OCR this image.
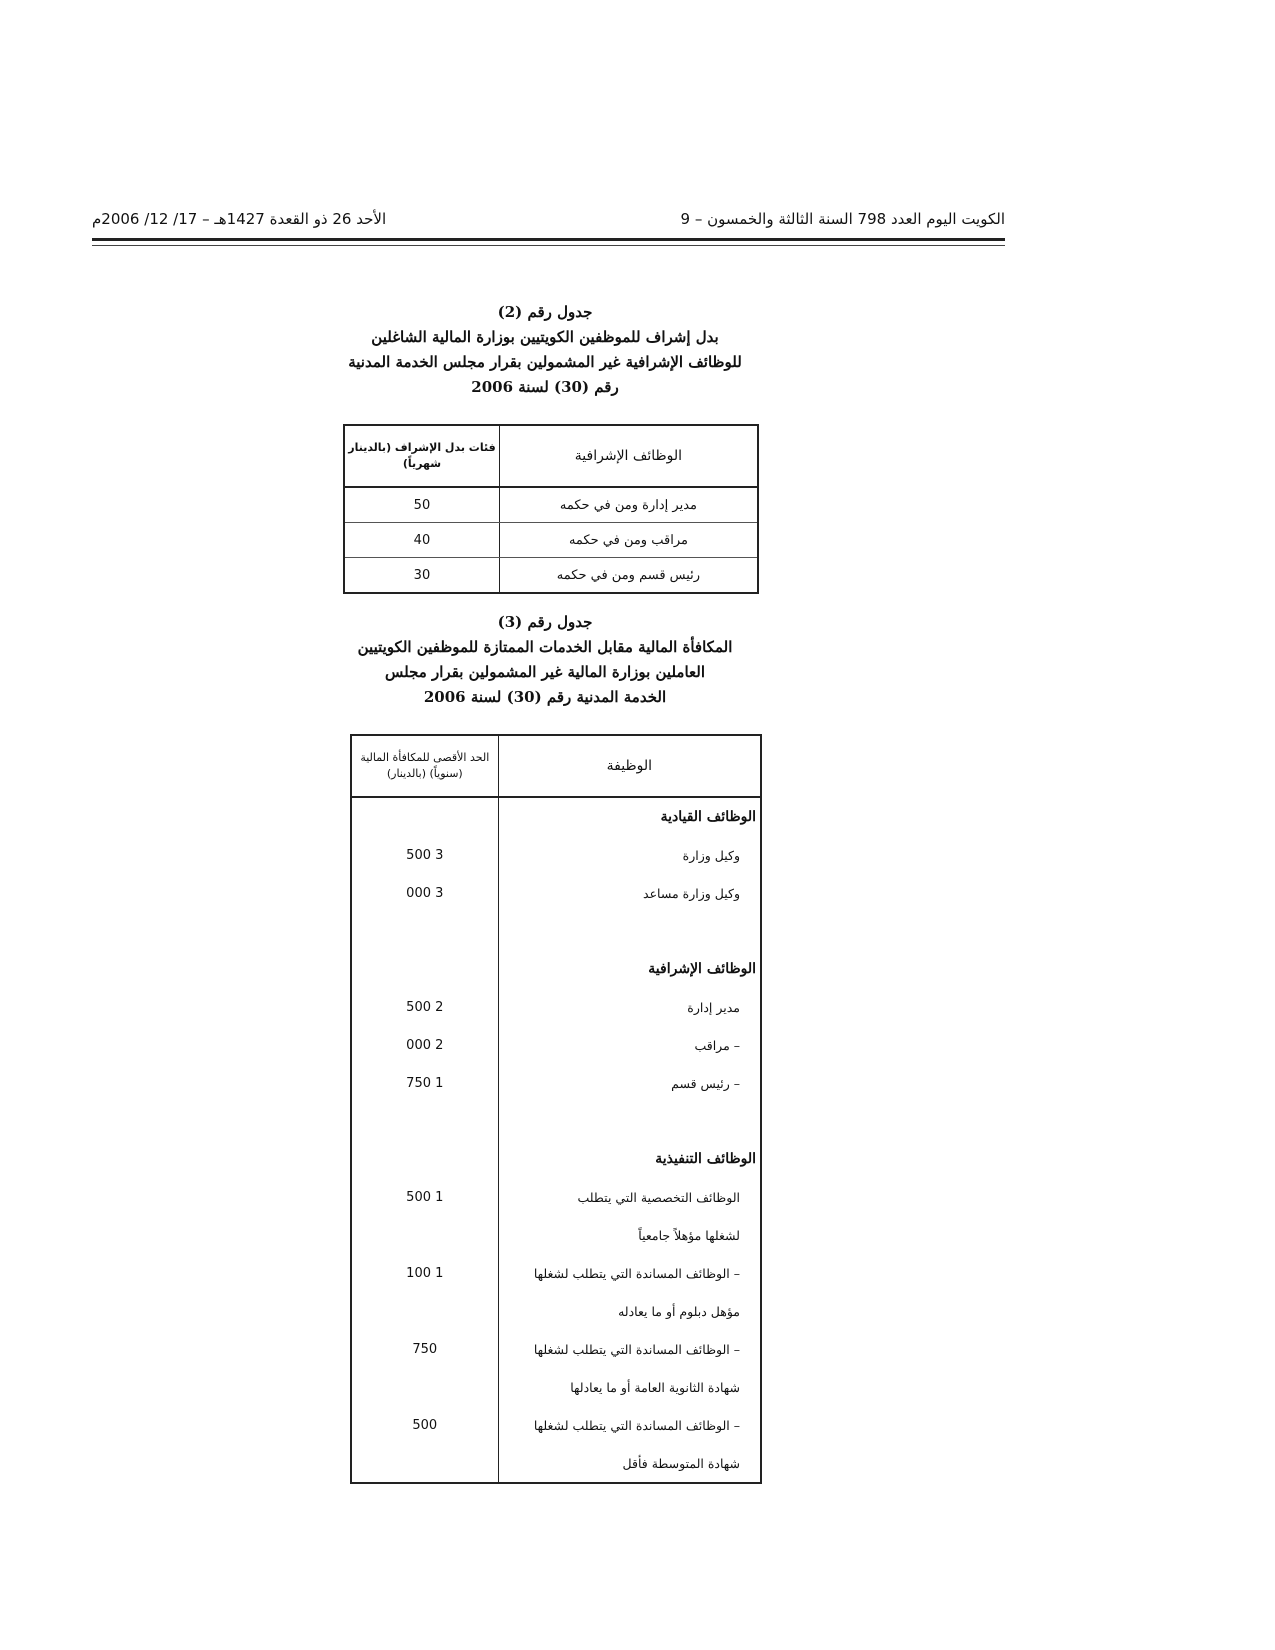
الكويت اليوم العدد 798 السنة الثالثة والخمسون – 9
الأحد 26 ذو القعدة 1427هـ – 17/ 12/ 2006م
جدول رقم (2)
بدل إشراف للموظفين الكويتيين بوزارة المالية الشاغلين
للوظائف الإشرافية غير المشمولين بقرار مجلس الخدمة المدنية
رقم (30) لسنة 2006
الوظائف الإشرافية	فئات بدل الإشراف (بالدينار شهرياً)
مدير إدارة ومن في حكمه	50
مراقب ومن في حكمه	40
رئيس قسم ومن في حكمه	30
جدول رقم (3)
المكافأة المالية مقابل الخدمات الممتازة للموظفين الكويتيين
العاملين بوزارة المالية غير المشمولين بقرار مجلس
الخدمة المدنية رقم (30) لسنة 2006
الوظيفة	الحد الأقصى للمكافأة المالية (سنوياً) (بالدينار)
الوظائف القيادية	
وكيل وزارة	3 500
وكيل وزارة مساعد	3 000

الوظائف الإشرافية	
مدير إدارة	2 500
– مراقب	2 000
– رئيس قسم	1 750

الوظائف التنفيذية	
الوظائف التخصصية التي يتطلب	1 500
لشغلها مؤهلاً جامعياً	
– الوظائف المساندة التي يتطلب لشغلها	1 100
مؤهل دبلوم أو ما يعادله	
– الوظائف المساندة التي يتطلب لشغلها	750
شهادة الثانوية العامة أو ما يعادلها	
– الوظائف المساندة التي يتطلب لشغلها	500
شهادة المتوسطة فأقل	
